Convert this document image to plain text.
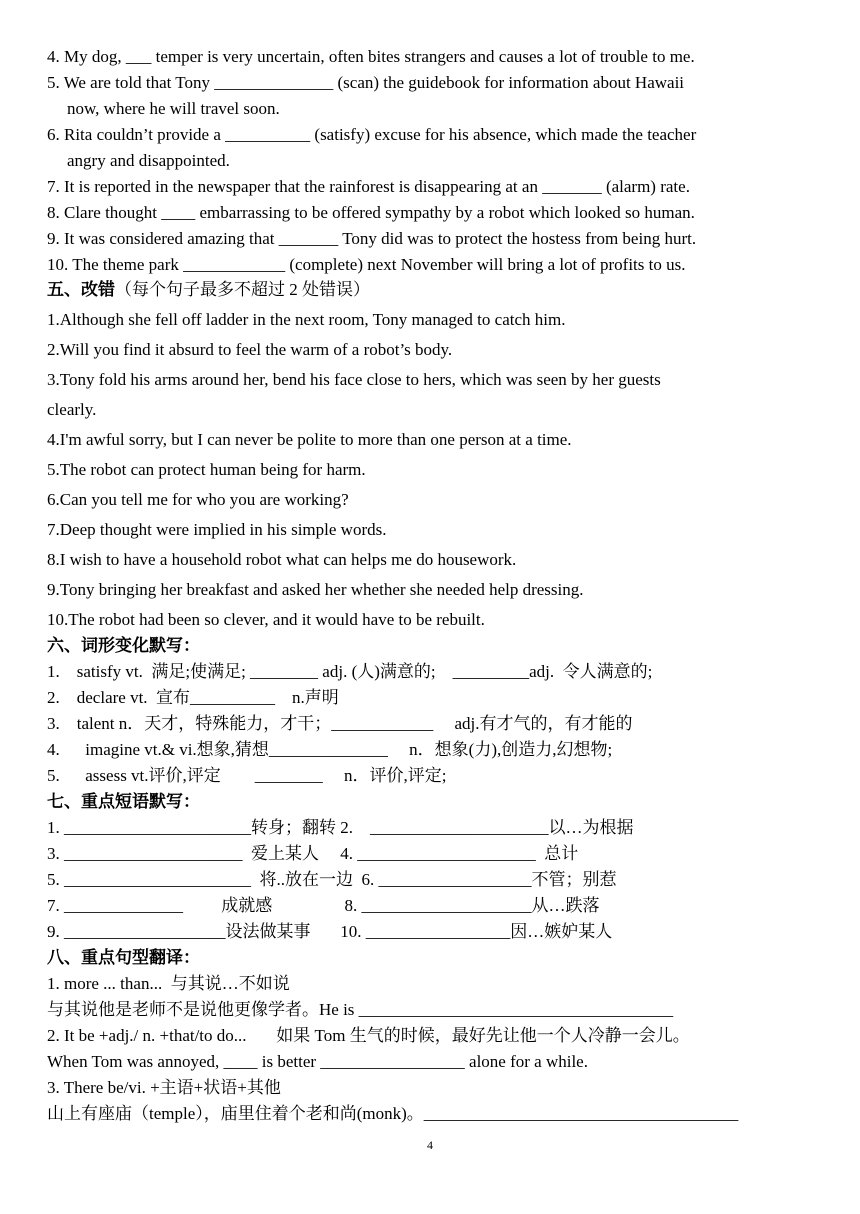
4. My dog, ___ temper is very uncertain, often bites strangers and causes a lot of trouble to me.
5. We are told that Tony ______________ (scan) the guidebook for information about Hawaii
now, where he will travel soon.
6. Rita couldn’t provide a __________ (satisfy) excuse for his absence, which made the teacher
angry and disappointed.
7. It is reported in the newspaper that the rainforest is disappearing at an _______ (alarm) rate.
8. Clare thought ____ embarrassing to be offered sympathy by a robot which looked so human.
9. It was considered amazing that _______ Tony did was to protect the hostess from being hurt.
10. The theme park ____________ (complete) next November will bring a lot of profits to us.
五、改错（每个句子最多不超过 2 处错误）
1.Although she fell off ladder in the next room, Tony managed to catch him.
2.Will you find it absurd to feel the warm of a robot’s body.
3.Tony fold his arms around her, bend his face close to hers, which was seen by her guests
clearly.
4.I'm awful sorry, but I can never be polite to more than one person at a time.
5.The robot can protect human being for harm.
6.Can you tell me for who you are working?
7.Deep thought were implied in his simple words.
8.I wish to have a household robot what can helps me do housework.
9.Tony bringing her breakfast and asked her whether she needed help dressing.
10.The robot had been so clever, and it would have to be rebuilt.
六、词形变化默写：
1.    satisfy vt.  满足;使满足; ________ adj. (人)满意的;    _________adj.  令人满意的;
2.    declare vt.  宣布__________    n.声明
3.    talent n．天才，特殊能力，才干；____________     adj.有才气的，有才能的
4.      imagine vt.& vi.想象,猜想______________     n．想象(力),创造力,幻想物;
5.      assess vt.评价,评定        ________     n．评价,评定;
七、重点短语默写：
1. ______________________转身；翻转 2.    _____________________以…为根据
3. _____________________  爱上某人     4. _____________________  总计
5. ______________________  将..放在一边  6. __________________不管；别惹
7. ______________         成就感                 8. ____________________从…跌落
9. ___________________设法做某事       10. _________________因…嫉妒某人
八、重点句型翻译：
1. more ... than...  与其说…不如说
与其说他是老师不是说他更像学者。He is _____________________________________
2. It be +adj./ n. +that/to do...       如果 Tom 生气的时候，最好先让他一个人冷静一会儿。
When Tom was annoyed, ____ is better _________________ alone for a while.
3. There be/vi. +主语+状语+其他
山上有座庙（temple），庙里住着个老和尚(monk)。_____________________________________
4
